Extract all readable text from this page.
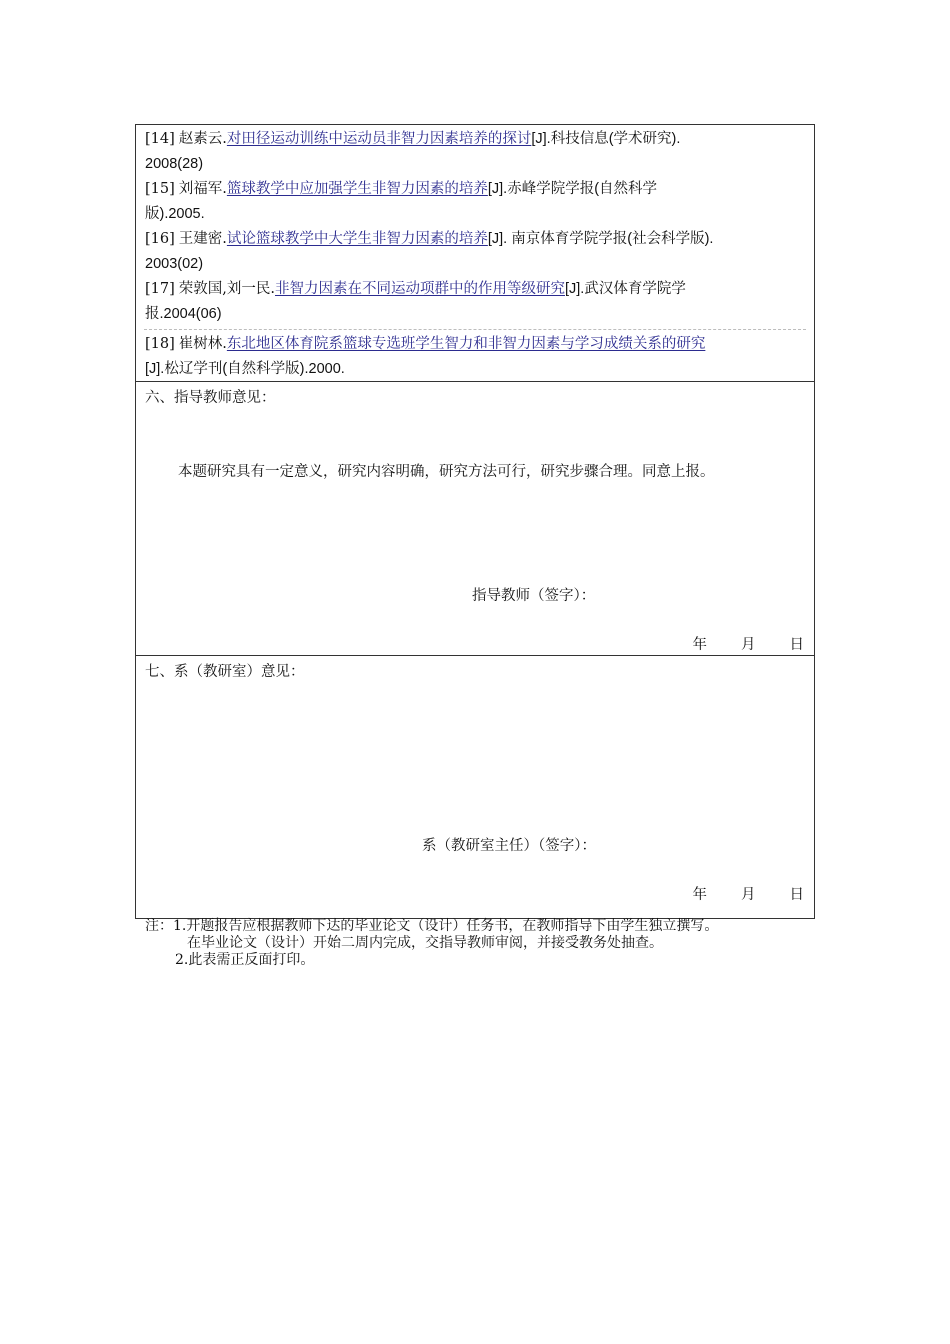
[14] 赵素云.对田径运动训练中运动员非智力因素培养的探讨[J].科技信息(学术研究).
2008(28)

[15] 刘福军.篮球教学中应加强学生非智力因素的培养[J].赤峰学院学报(自然科学
版).2005.

[16] 王建密.试论篮球教学中大学生非智力因素的培养[J]. 南京体育学院学报(社会科学版).
2003(02)

[17] 荣敦国,刘一民.非智力因素在不同运动项群中的作用等级研究[J].武汉体育学院学
报.2004(06)

[18] 崔树林.东北地区体育院系篮球专选班学生智力和非智力因素与学习成绩关系的研究
[J].松辽学刊(自然科学版).2000.

六、指导教师意见：

本题研究具有一定意义，研究内容明确，研究方法可行，研究步骤合理。同意上报。

指导教师（签字）：

年 月 日

七、系（教研室）意见：

系（教研室主任）（签字）：

年 月 日

注：1.开题报告应根据教师下达的毕业论文（设计）任务书，在教师指导下由学生独立撰写。

在毕业论文（设计）开始二周内完成，交指导教师审阅，并接受教务处抽查。

2.此表需正反面打印。
